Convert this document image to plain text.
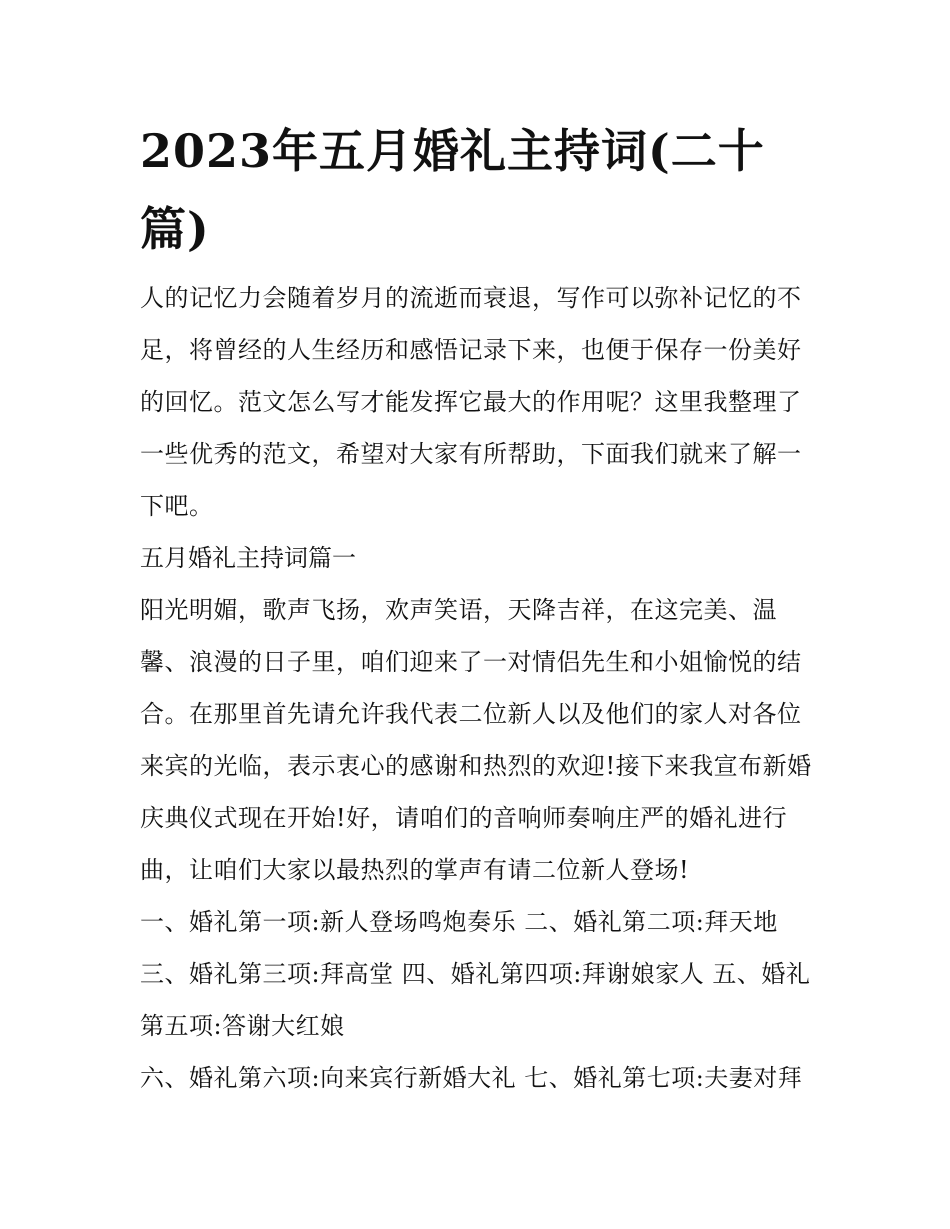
2023年五月婚礼主持词(二十篇)

人的记忆力会随着岁月的流逝而衰退，写作可以弥补记忆的不足，将曾经的人生经历和感悟记录下来，也便于保存一份美好的回忆。范文怎么写才能发挥它最大的作用呢？这里我整理了一些优秀的范文，希望对大家有所帮助，下面我们就来了解一下吧。

五月婚礼主持词篇一

阳光明媚，歌声飞扬，欢声笑语，天降吉祥，在这完美、温馨、浪漫的日子里，咱们迎来了一对情侣先生和小姐愉悦的结合。在那里首先请允许我代表二位新人以及他们的家人对各位来宾的光临，表示衷心的感谢和热烈的欢迎!接下来我宣布新婚庆典仪式现在开始!好，请咱们的音响师奏响庄严的婚礼进行曲，让咱们大家以最热烈的掌声有请二位新人登场!

一、婚礼第一项:新人登场鸣炮奏乐 二、婚礼第二项:拜天地

三、婚礼第三项:拜高堂 四、婚礼第四项:拜谢娘家人 五、婚礼第五项:答谢大红娘

六、婚礼第六项:向来宾行新婚大礼 七、婚礼第七项:夫妻对拜
